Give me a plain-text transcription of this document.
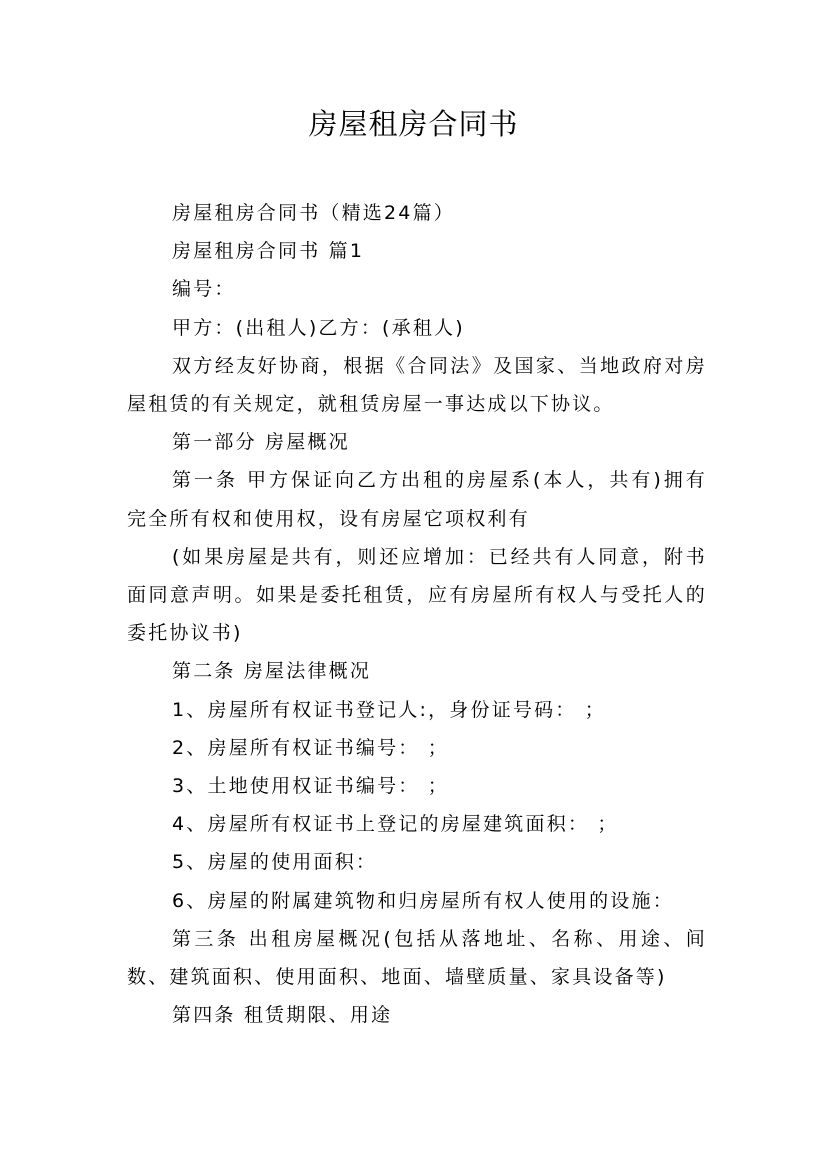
房屋租房合同书

房屋租房合同书（精选24篇）

房屋租房合同书 篇1

编号：

甲方：(出租人)乙方：(承租人)

双方经友好协商，根据《合同法》及国家、当地政府对房屋租赁的有关规定，就租赁房屋一事达成以下协议。

第一部分 房屋概况

第一条 甲方保证向乙方出租的房屋系(本人，共有)拥有完全所有权和使用权，设有房屋它项权利有

(如果房屋是共有，则还应增加：已经共有人同意，附书面同意声明。如果是委托租赁，应有房屋所有权人与受托人的委托协议书)

第二条 房屋法律概况

1、房屋所有权证书登记人:，身份证号码： ；

2、房屋所有权证书编号： ；

3、土地使用权证书编号： ；

4、房屋所有权证书上登记的房屋建筑面积： ；

5、房屋的使用面积：

6、房屋的附属建筑物和归房屋所有权人使用的设施：

第三条 出租房屋概况(包括从落地址、名称、用途、间数、建筑面积、使用面积、地面、墙壁质量、家具设备等)

第四条 租赁期限、用途
